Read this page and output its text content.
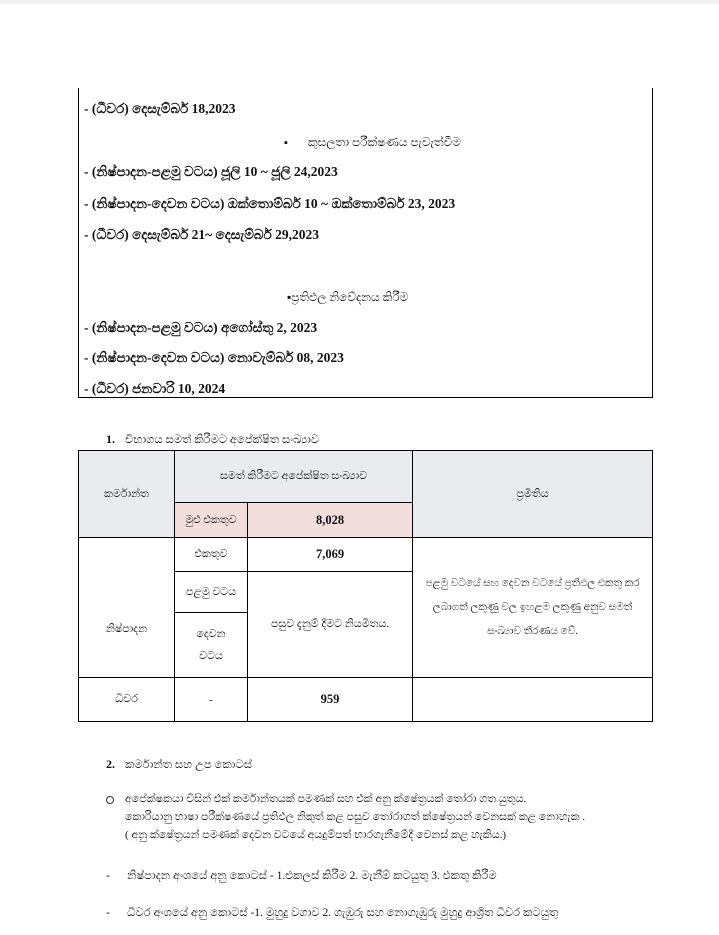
- (ධීවර) දෙසැම්බර් 18,2023
▪ කුසලතා පරීක්ෂණය පැවැත්වීම
- (නිෂ්පාදන-පළමු වටය) ජූලි 10 ~ ජූලි 24,2023
- (නිෂ්පාදන-දෙවන වටය) ඔක්තොම්බර් 10 ~ ඔක්තොම්බර් 23, 2023
- (ධීවර) දෙසැම්බර් 21~ දෙසැම්බර් 29,2023
▪ප්‍රතිඵල නිවේදනය කිරීම
- (නිෂ්පාදන-පළමු වටය) අගෝස්තු 2, 2023
- (නිෂ්පාදන-දෙවන වටය) නොවැම්බර් 08, 2023
- (ධීවර) ජනවාරි 10, 2024
1. විභාගය සමත් කිරීමට අපේක්ෂිත සංඛ්‍යාව
කර්මාන්ත	සමත් කිරීමට අපේක්ෂිත සංඛ්‍යාව		ප්‍රමිතිය
	මුළු එකතුව	8,028	
නිෂ්පාදන	එකතුව	7,069	පළමු වටයේ සහ දෙවන වටයේ ප්‍රතිඵල එකතු කර ලබාගත් ලකුණු වල ඉහළම ලකුණු අනුව සමත් සංඛ්‍යාව තීරණය වේ.
	පළමු වටය	පසුව දැනුම් දීමට නියමිතය.	
	දෙවන වටය		

ධීවර	-	959	
2. කර්මාන්ත සහ උප කොටස්
අපේක්ෂකයා විසින් එක් කර්මාන්තයක් පමණක් සහ එක් අනු ක්ෂේත්‍රයක් තෝරා ගත යුතුය.
කොරියානු භාෂා පරීක්ෂණයේ ප්‍රතිඵල නිකුත් කළ පසුව තෝරාගත් ක්ෂේත්‍රයන් වෙනසක් කළ නොහැක .
( අනු ක්ෂේත්‍රයන් පමණක් දෙවන වටයේ අයදුම්පත් භාරගැනීමේදී වෙනස් කළ හැකිය.)
- නිෂ්පාදන අංශයේ අනු කොටස් - 1.එකලස් කිරීම 2. මැනීම් කටයුතු 3. එකතු කිරීම
- ධීවර අංශයේ අනු කොටස් -1. මුහුදු වගාව 2. ගැඹුරු සහ නොගැඹුරු මුහුදු ආශ්‍රිත ධීවර කටයුතු
